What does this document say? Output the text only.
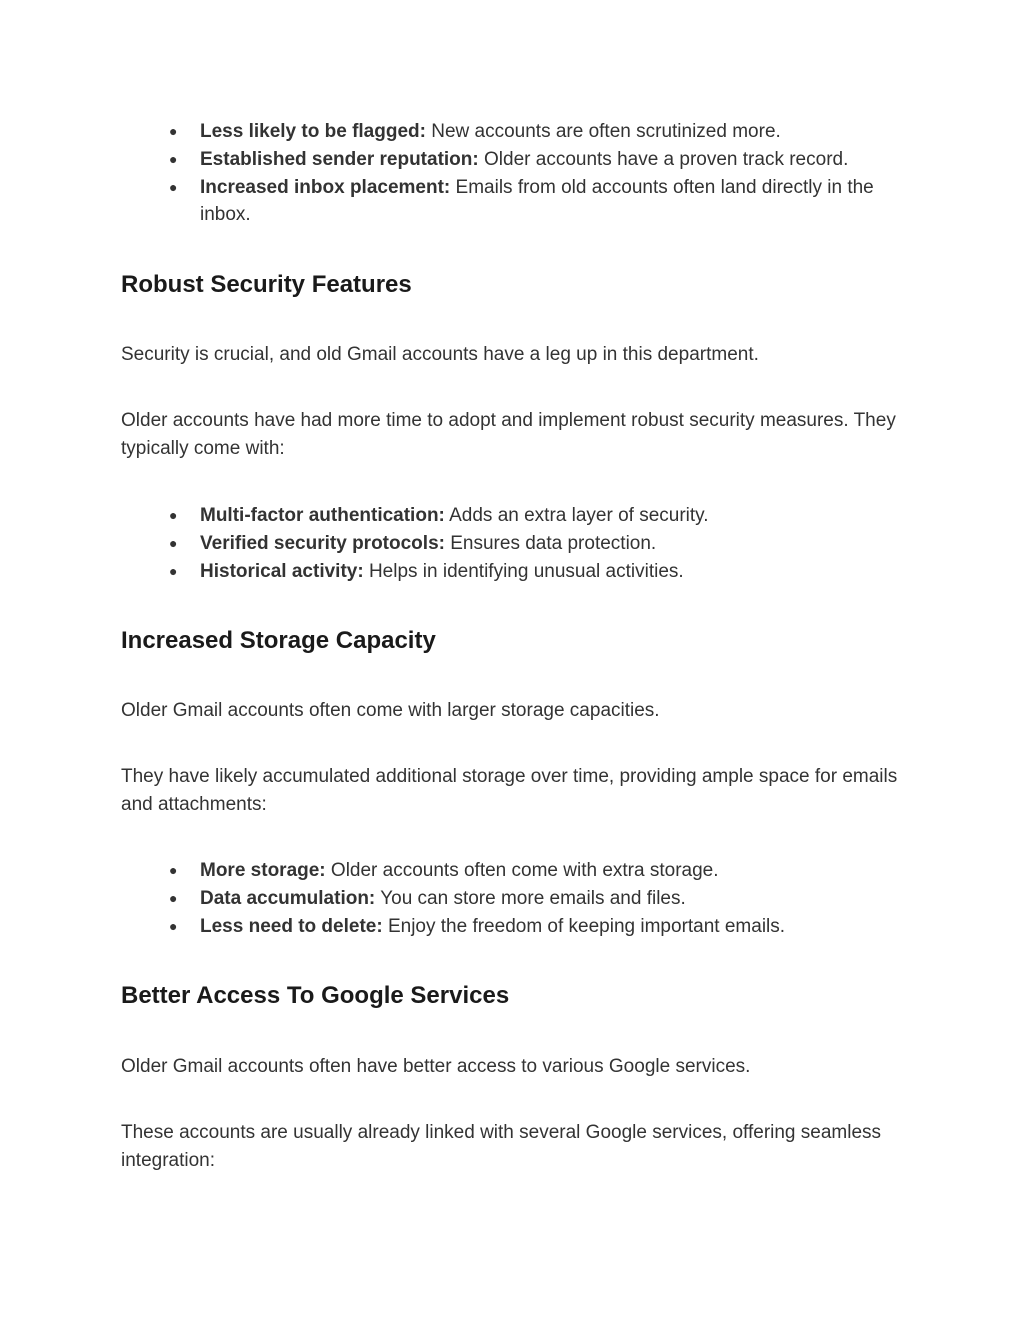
● Less likely to be flagged: New accounts are often scrutinized more.
● Established sender reputation: Older accounts have a proven track record.
● Increased inbox placement: Emails from old accounts often land directly in the inbox.
Robust Security Features

Security is crucial, and old Gmail accounts have a leg up in this department.

Older accounts have had more time to adopt and implement robust security measures. They typically come with:

● Multi-factor authentication: Adds an extra layer of security.
● Verified security protocols: Ensures data protection.
● Historical activity: Helps in identifying unusual activities.
Increased Storage Capacity

Older Gmail accounts often come with larger storage capacities.

They have likely accumulated additional storage over time, providing ample space for emails and attachments:

● More storage: Older accounts often come with extra storage.
● Data accumulation: You can store more emails and files.
● Less need to delete: Enjoy the freedom of keeping important emails.
Better Access To Google Services

Older Gmail accounts often have better access to various Google services.

These accounts are usually already linked with several Google services, offering seamless integration:
